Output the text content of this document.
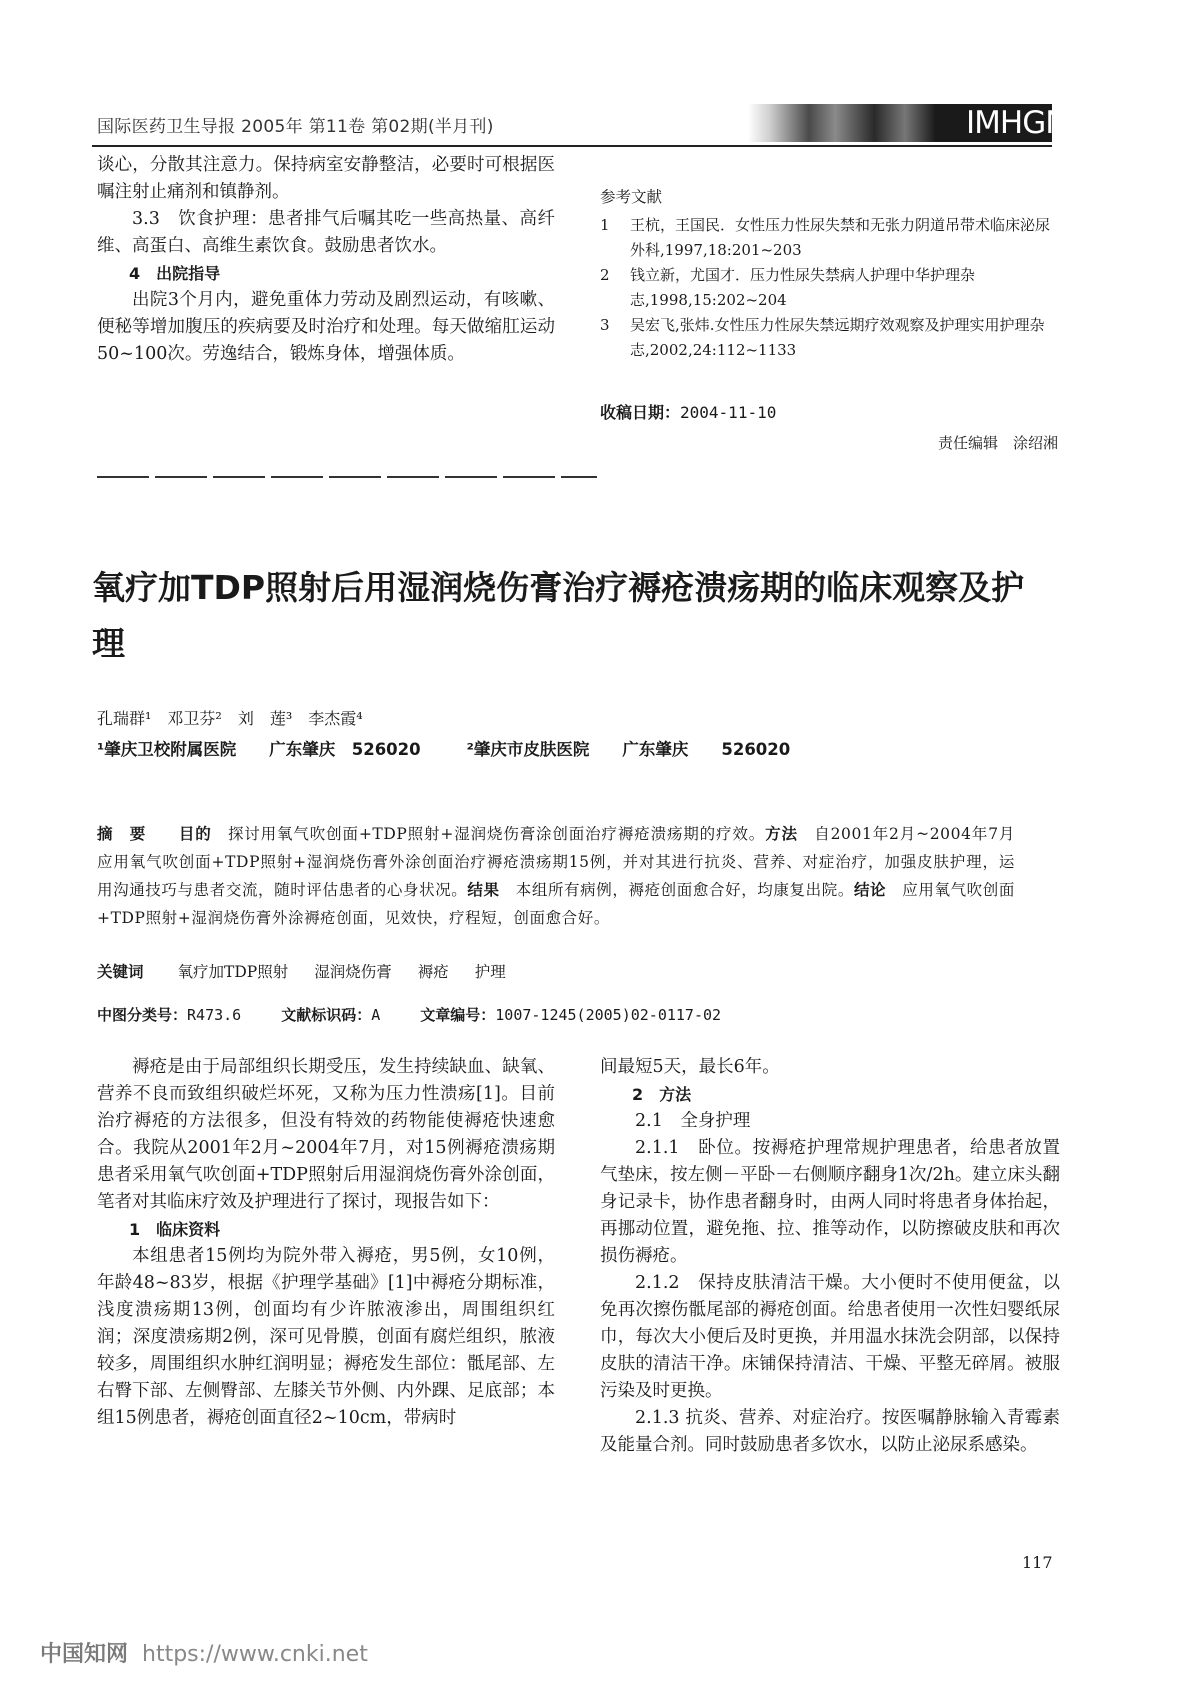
国际医药卫生导报 2005年 第11卷 第02期(半月刊)	IMHGN

谈心，分散其注意力。保持病室安静整洁，必要时可根据医嘱注射止痛剂和镇静剂。

3.3　饮食护理：患者排气后嘱其吃一些高热量、高纤维、高蛋白、高维生素饮食。鼓励患者饮水。

4　出院指导

出院3个月内，避免重体力劳动及剧烈运动，有咳嗽、便秘等增加腹压的疾病要及时治疗和处理。每天做缩肛运动50~100次。劳逸结合，锻炼身体，增强体质。

参考文献

1	王杭，王国民．女性压力性尿失禁和无张力阴道吊带术临床泌尿外科,1997,18:201~203
2	钱立新，尤国才．压力性尿失禁病人护理中华护理杂志,1998,15:202~204
3	吴宏飞,张炜.女性压力性尿失禁远期疗效观察及护理实用护理杂志,2002,24:112~1133
收稿日期：2004-11-10
责任编辑　涂绍湘
氧疗加TDP照射后用湿润烧伤膏治疗褥疮溃疡期的临床观察及护理
孔瑞群¹　邓卫芬²　刘　莲³　李杰霞⁴
¹肇庆卫校附属医院　　广东肇庆　526020	²肇庆市皮肤医院　　广东肇庆　　526020
摘　要　　 目的　 探讨用氧气吹创面+TDP照射+湿润烧伤膏涂创面治疗褥疮溃疡期的疗效。方法　 自2001年2月~2004年7月应用氧气吹创面+TDP照射+湿润烧伤膏外涂创面治疗褥疮溃疡期15例，并对其进行抗炎、营养、对症治疗，加强皮肤护理，运用沟通技巧与患者交流，随时评估患者的心身状况。结果　 本组所有病例，褥疮创面愈合好，均康复出院。结论　 应用氧气吹创面+TDP照射+湿润烧伤膏外涂褥疮创面，见效快，疗程短，创面愈合好。
关键词 氧疗加TDP照射 湿润烧伤膏 褥疮 护理
中图分类号：R473.6	文献标识码：A	文章编号：1007-1245(2005)02-0117-02

褥疮是由于局部组织长期受压，发生持续缺血、缺氧、营养不良而致组织破烂坏死，又称为压力性溃疡[1]。目前治疗褥疮的方法很多，但没有特效的药物能使褥疮快速愈合。我院从2001年2月~2004年7月，对15例褥疮溃疡期患者采用氧气吹创面+TDP照射后用湿润烧伤膏外涂创面，笔者对其临床疗效及护理进行了探讨，现报告如下：

1　临床资料

本组患者15例均为院外带入褥疮，男5例，女10例，年龄48~83岁，根据《护理学基础》[1]中褥疮分期标准，浅度溃疡期13例，创面均有少许脓液渗出，周围组织红润；深度溃疡期2例，深可见骨膜，创面有腐烂组织，脓液较多，周围组织水肿红润明显；褥疮发生部位：骶尾部、左右臀下部、左侧臀部、左膝关节外侧、内外踝、足底部；本组15例患者，褥疮创面直径2~10cm，带病时

间最短5天，最长6年。

2　方法

2.1　全身护理

2.1.1　卧位。按褥疮护理常规护理患者，给患者放置气垫床，按左侧－平卧－右侧顺序翻身1次/2h。建立床头翻身记录卡，协作患者翻身时，由两人同时将患者身体抬起，再挪动位置，避免拖、拉、推等动作，以防擦破皮肤和再次损伤褥疮。

2.1.2　保持皮肤清洁干燥。大小便时不使用便盆，以免再次擦伤骶尾部的褥疮创面。给患者使用一次性妇婴纸尿巾，每次大小便后及时更换，并用温水抹洗会阴部，以保持皮肤的清洁干净。床铺保持清洁、干燥、平整无碎屑。被服污染及时更换。

2.1.3 抗炎、营养、对症治疗。按医嘱静脉输入青霉素及能量合剂。同时鼓励患者多饮水，以防止泌尿系感染。

117
中国知网 https://www.cnki.net
